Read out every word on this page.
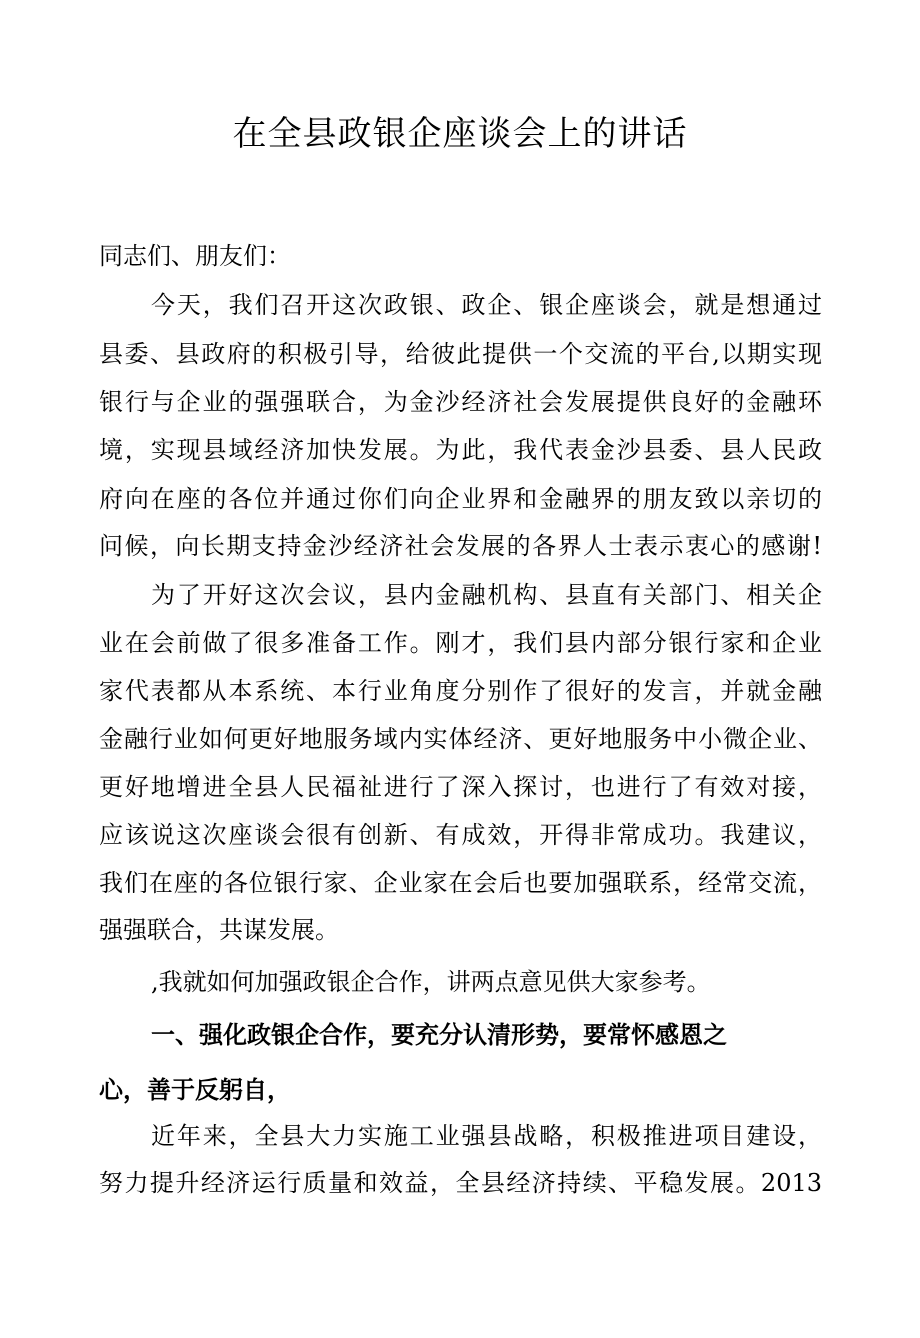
在全县政银企座谈会上的讲话
同志们、朋友们：
今天，我们召开这次政银、政企、银企座谈会，就是想通过
县委、县政府的积极引导，给彼此提供一个交流的平台,以期实现
银行与企业的强强联合，为金沙经济社会发展提供良好的金融环
境，实现县域经济加快发展。为此，我代表金沙县委、县人民政
府向在座的各位并通过你们向企业界和金融界的朋友致以亲切的
问候，向长期支持金沙经济社会发展的各界人士表示衷心的感谢!
为了开好这次会议，县内金融机构、县直有关部门、相关企
业在会前做了很多准备工作。刚才，我们县内部分银行家和企业
家代表都从本系统、本行业角度分别作了很好的发言，并就金融
金融行业如何更好地服务域内实体经济、更好地服务中小微企业、
更好地增进全县人民福祉进行了深入探讨，也进行了有效对接，
应该说这次座谈会很有创新、有成效，开得非常成功。我建议，
我们在座的各位银行家、企业家在会后也要加强联系，经常交流，
强强联合，共谋发展。
,我就如何加强政银企合作，讲两点意见供大家参考。
一、强化政银企合作，要充分认清形势，要常怀感恩之
心，善于反躬自，
近年来，全县大力实施工业强县战略，积极推进项目建设，
努力提升经济运行质量和效益，全县经济持续、平稳发展。2013
